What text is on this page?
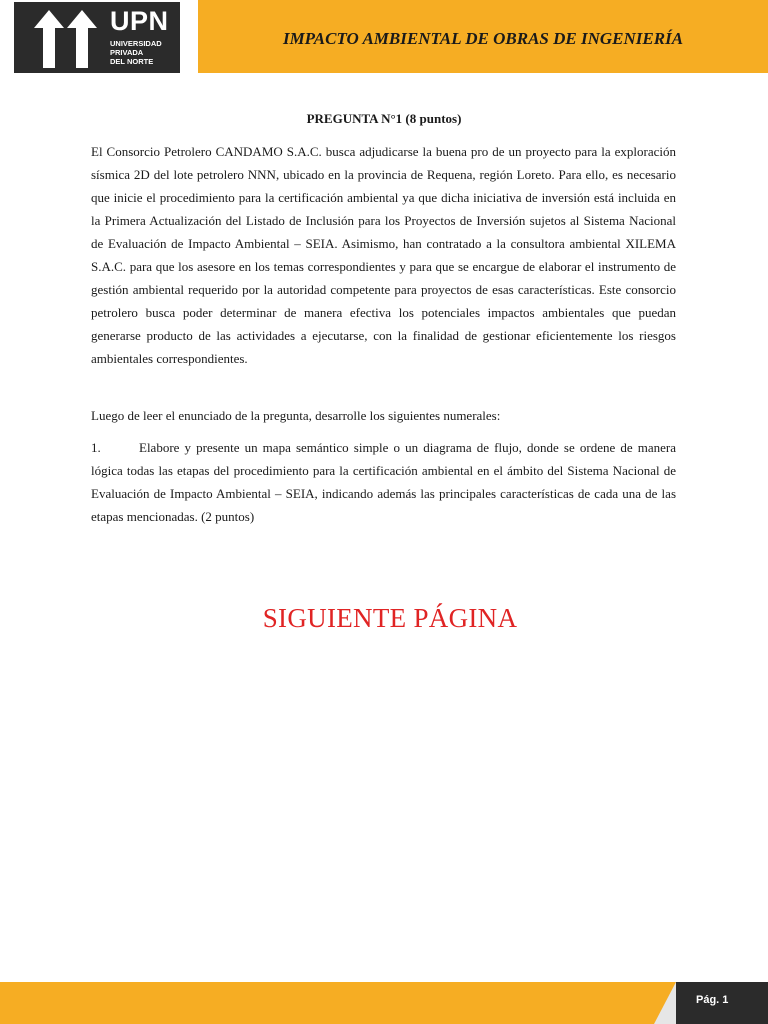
UPN
UNIVERSIDAD
PRIVADA
DEL NORTE
IMPACTO AMBIENTAL DE OBRAS DE INGENIERÍA
PREGUNTA N°1 (8 puntos)

El Consorcio Petrolero CANDAMO S.A.C. busca adjudicarse la buena pro de un proyecto para la exploración sísmica 2D del lote petrolero NNN, ubicado en la provincia de Requena, región Loreto. Para ello, es necesario que inicie el procedimiento para la certificación ambiental ya que dicha iniciativa de inversión está incluida en la Primera Actualización del Listado de Inclusión para los Proyectos de Inversión sujetos al Sistema Nacional de Evaluación de Impacto Ambiental – SEIA. Asimismo, han contratado a la consultora ambiental XILEMA S.A.C. para que los asesore en los temas correspondientes y para que se encargue de elaborar el instrumento de gestión ambiental requerido por la autoridad competente para proyectos de esas características. Este consorcio petrolero busca poder determinar de manera efectiva los potenciales impactos ambientales que puedan generarse producto de las actividades a ejecutarse, con la finalidad de gestionar eficientemente los riesgos ambientales correspondientes.

Luego de leer el enunciado de la pregunta, desarrolle los siguientes numerales:

1.	Elabore y presente un mapa semántico simple o un diagrama de flujo, donde se ordene de manera lógica todas las etapas del procedimiento para la certificación ambiental en el ámbito del Sistema Nacional de Evaluación de Impacto Ambiental – SEIA, indicando además las principales características de cada una de las etapas mencionadas. (2 puntos)

SIGUIENTE PÁGINA
Pág. 1
